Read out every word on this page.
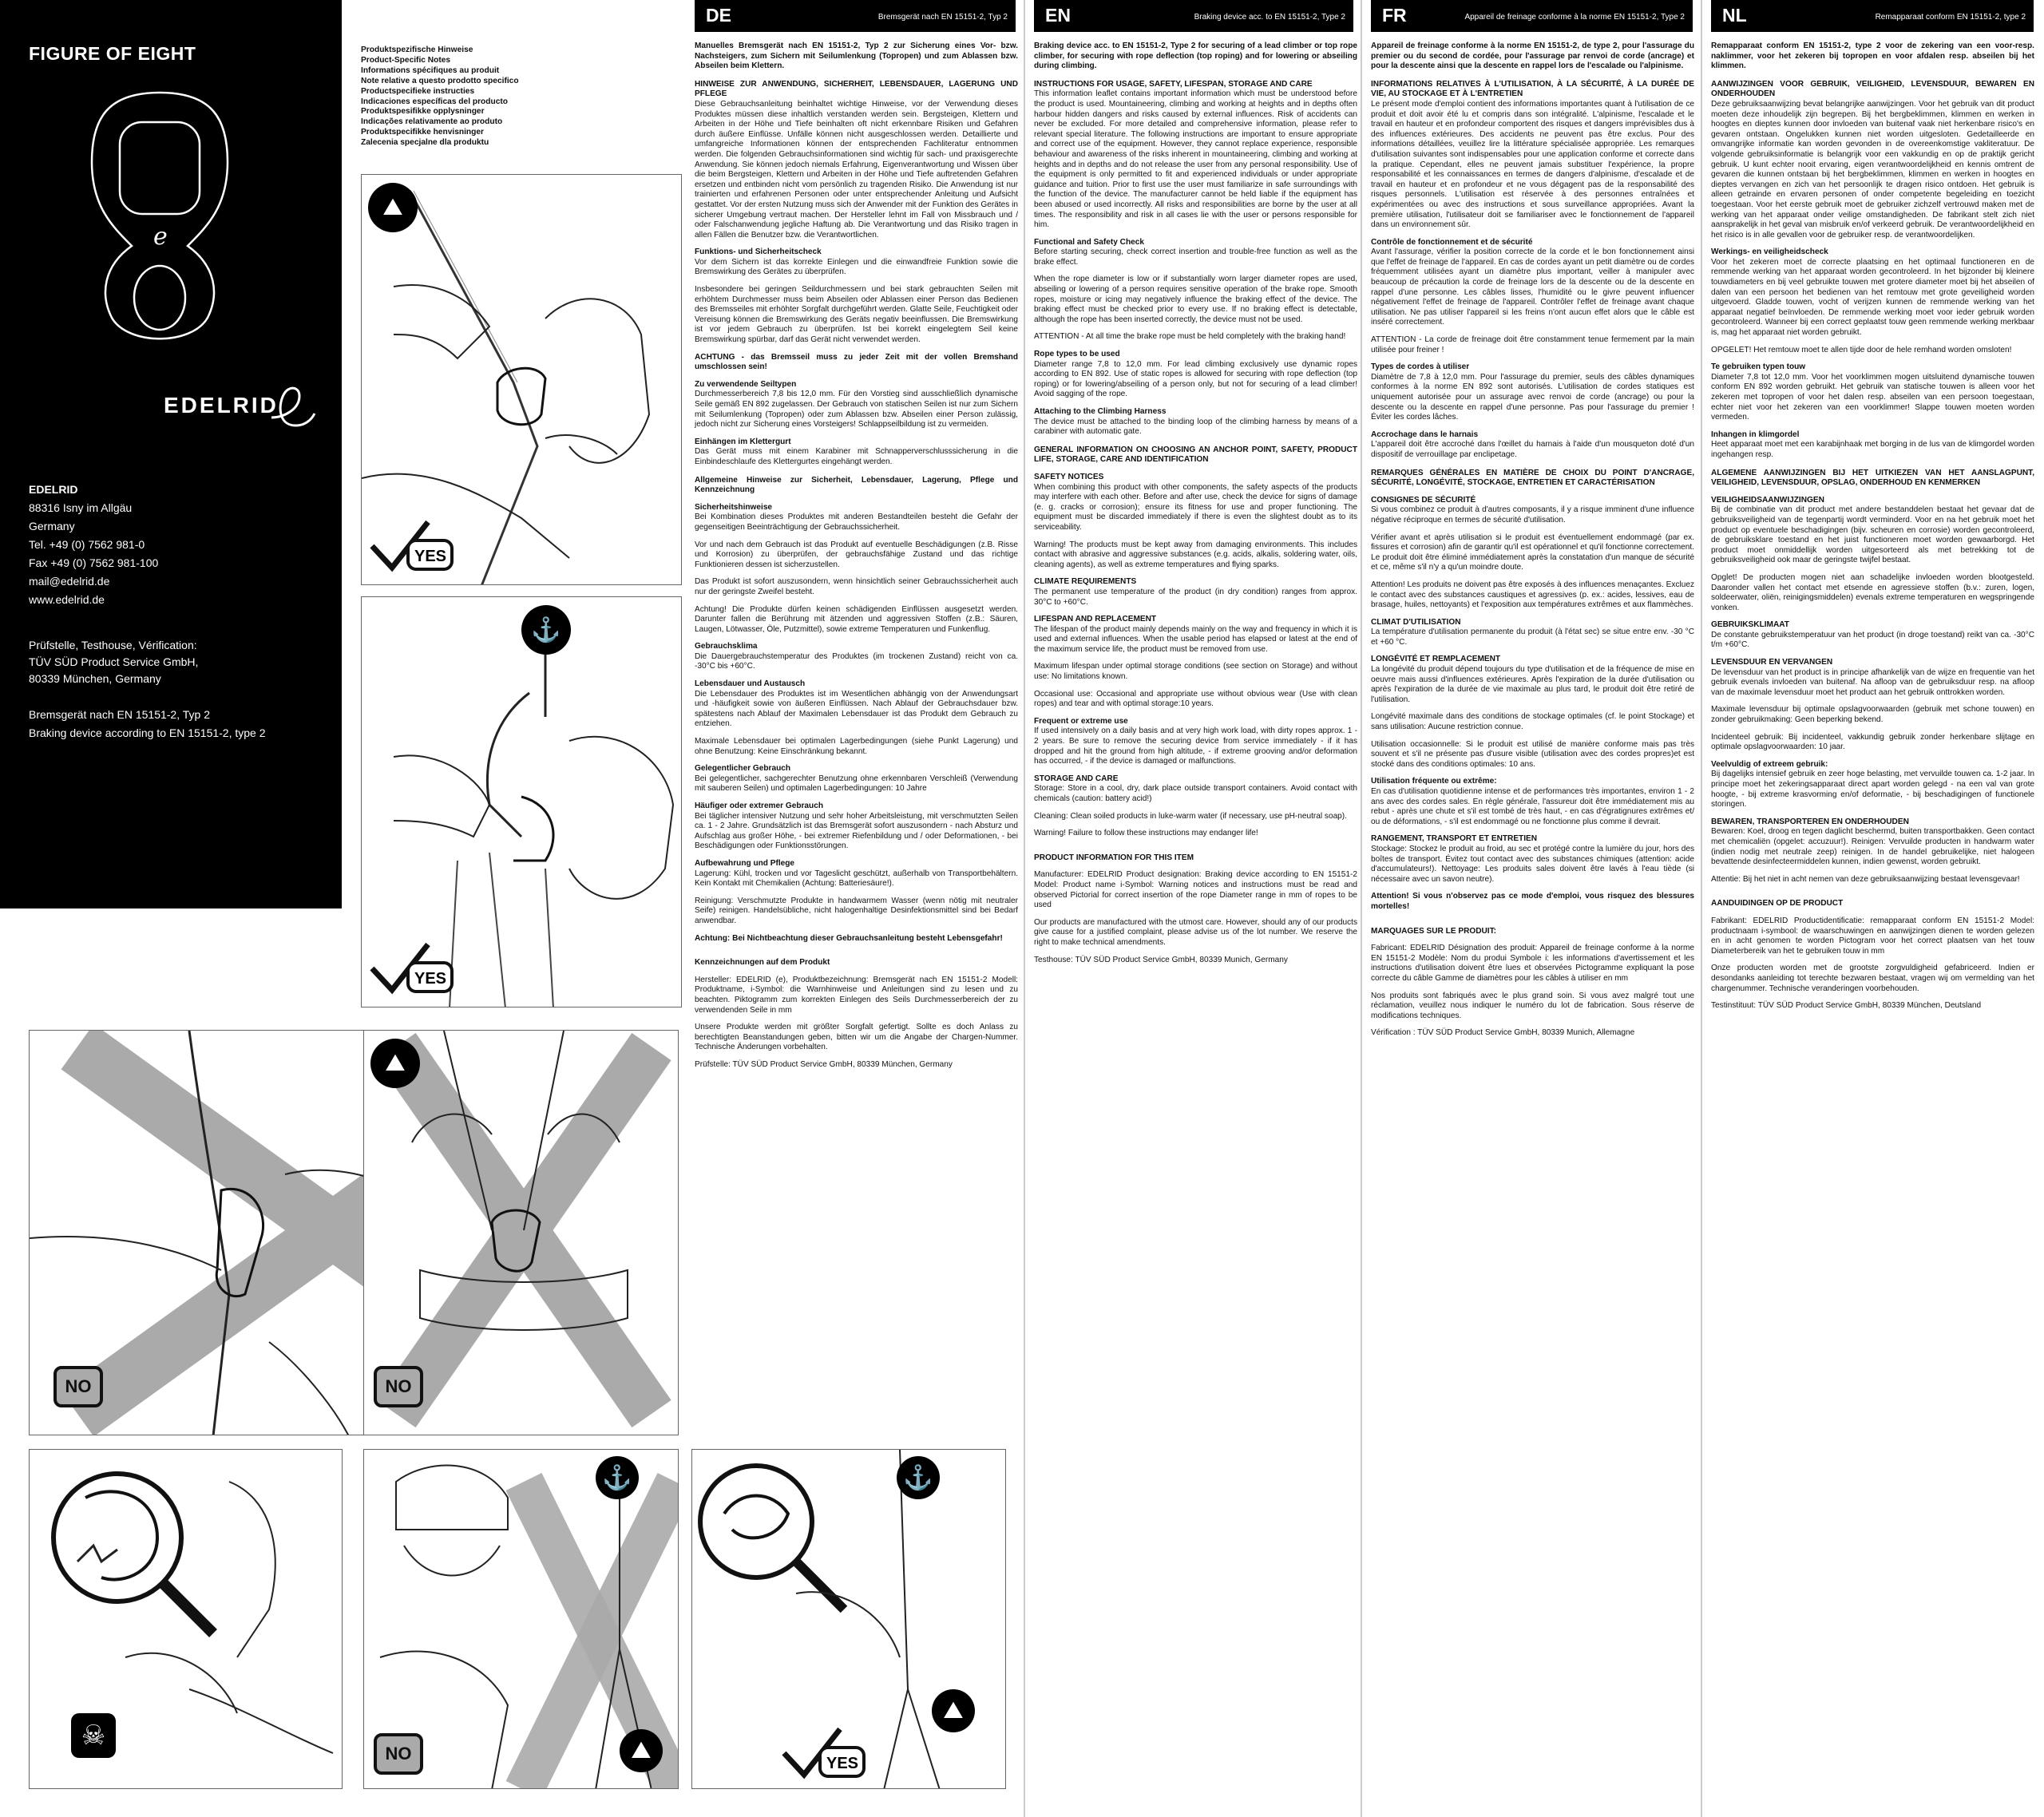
FIGURE OF EIGHT
e
EDELRID
EDELRID
88316 Isny im Allgäu
Germany
Tel. +49 (0) 7562 981-0
Fax +49 (0) 7562 981-100
mail@edelrid.de
www.edelrid.de
Prüfstelle, Testhouse, Vérification:
TÜV SÜD Product Service GmbH,
80339 München, Germany
Bremsgerät nach EN 15151-2, Typ 2
Braking device according to EN 15151-2, type 2
Produktspezifische Hinweise
Product-Specific Notes
Informations spécifiques au produit
Note relative a questo prodotto specifico
Productspecifieke instructies
Indicaciones específicas del producto
Produktspesifikke opplysninger
Indicações relativamente ao produto
Produktspecifikke henvisninger
Zalecenia specjalne dla produktu
⛰
YES
⚓
YES
NO
⛰
NO
☠
⚓
⛰
NO
⚓
⛰
YES
DE	Bremsgerät nach EN 15151-2, Typ 2

Manuelles Bremsgerät nach EN 15151-2, Typ 2 zur Sicherung eines Vor- bzw. Nachsteigers, zum Sichern mit Seilumlenkung (Topropen) und zum Ablassen bzw. Abseilen beim Klettern.

HINWEISE ZUR ANWENDUNG, SICHERHEIT, LEBENSDAUER, LAGERUNG UND PFLEGE

Diese Gebrauchsanleitung beinhaltet wichtige Hinweise, vor der Verwendung dieses Produktes müssen diese inhaltlich verstanden werden sein. Bergsteigen, Klettern und Arbeiten in der Höhe und Tiefe beinhalten oft nicht erkennbare Risiken und Gefahren durch äußere Einflüsse. Unfälle können nicht ausgeschlossen werden. Detaillierte und umfangreiche Informationen können der entsprechenden Fachliteratur entnommen werden. Die folgenden Gebrauchsinformationen sind wichtig für sach- und praxisgerechte Anwendung. Sie können jedoch niemals Erfahrung, Eigenverantwortung und Wissen über die beim Bergsteigen, Klettern und Arbeiten in der Höhe und Tiefe auftretenden Gefahren ersetzen und entbinden nicht vom persönlich zu tragenden Risiko. Die Anwendung ist nur trainierten und erfahrenen Personen oder unter entsprechender Anleitung und Aufsicht gestattet. Vor der ersten Nutzung muss sich der Anwender mit der Funktion des Gerätes in sicherer Umgebung vertraut machen. Der Hersteller lehnt im Fall von Missbrauch und / oder Falschanwendung jegliche Haftung ab. Die Verantwortung und das Risiko tragen in allen Fällen die Benutzer bzw. die Verantwortlichen.

Funktions- und Sicherheitscheck

Vor dem Sichern ist das korrekte Einlegen und die einwandfreie Funktion sowie die Bremswirkung des Gerätes zu überprüfen.

Insbesondere bei geringen Seildurchmessern und bei stark gebrauchten Seilen mit erhöhtem Durchmesser muss beim Abseilen oder Ablassen einer Person das Bedienen des Bremsseiles mit erhöhter Sorgfalt durchgeführt werden. Glatte Seile, Feuchtigkeit oder Vereisung können die Bremswirkung des Geräts negativ beeinflussen. Die Bremswirkung ist vor jedem Gebrauch zu überprüfen. Ist bei korrekt eingelegtem Seil keine Bremswirkung spürbar, darf das Gerät nicht verwendet werden.

ACHTUNG - das Bremsseil muss zu jeder Zeit mit der vollen Bremshand umschlossen sein!

Zu verwendende Seiltypen

Durchmesserbereich 7,8 bis 12,0 mm. Für den Vorstieg sind ausschließlich dynamische Seile gemäß EN 892 zugelassen. Der Gebrauch von statischen Seilen ist nur zum Sichern mit Seilumlenkung (Topropen) oder zum Ablassen bzw. Abseilen einer Person zulässig, jedoch nicht zur Sicherung eines Vorsteigers! Schlappseilbildung ist zu vermeiden.

Einhängen im Klettergurt

Das Gerät muss mit einem Karabiner mit Schnapperverschlusssicherung in die Einbindeschlaufe des Klettergurtes eingehängt werden.

Allgemeine Hinweise zur Sicherheit, Lebensdauer, Lagerung, Pflege und Kennzeichnung

Sicherheitshinweise

Bei Kombination dieses Produktes mit anderen Bestandteilen besteht die Gefahr der gegenseitigen Beeinträchtigung der Gebrauchssicherheit.

Vor und nach dem Gebrauch ist das Produkt auf eventuelle Beschädigungen (z.B. Risse und Korrosion) zu überprüfen, der gebrauchsfähige Zustand und das richtige Funktionieren dessen ist sicherzustellen.

Das Produkt ist sofort auszusondern, wenn hinsichtlich seiner Gebrauchssicherheit auch nur der geringste Zweifel besteht.

Achtung! Die Produkte dürfen keinen schädigenden Einflüssen ausgesetzt werden. Darunter fallen die Berührung mit ätzenden und aggressiven Stoffen (z.B.: Säuren, Laugen, Lötwasser, Öle, Putzmittel), sowie extreme Temperaturen und Funkenflug.

Gebrauchsklima

Die Dauergebrauchstemperatur des Produktes (im trockenen Zustand) reicht von ca. -30°C bis +60°C.

Lebensdauer und Austausch

Die Lebensdauer des Produktes ist im Wesentlichen abhängig von der Anwendungsart und -häufigkeit sowie von äußeren Einflüssen. Nach Ablauf der Gebrauchsdauer bzw. spätestens nach Ablauf der Maximalen Lebensdauer ist das Produkt dem Gebrauch zu entziehen.

Maximale Lebensdauer bei optimalen Lagerbedingungen (siehe Punkt Lagerung) und ohne Benutzung: Keine Einschränkung bekannt.

Gelegentlicher Gebrauch

Bei gelegentlicher, sachgerechter Benutzung ohne erkennbaren Verschleiß (Verwendung mit sauberen Seilen) und optimalen Lagerbedingungen: 10 Jahre

Häufiger oder extremer Gebrauch

Bei täglicher intensiver Nutzung und sehr hoher Arbeitsleistung, mit verschmutzten Seilen ca. 1 - 2 Jahre. Grundsätzlich ist das Bremsgerät sofort auszusondern - nach Absturz und Aufschlag aus großer Höhe, - bei extremer Riefenbildung und / oder Deformationen, - bei Beschädigungen oder Funktionsstörungen.

Aufbewahrung und Pflege

Lagerung: Kühl, trocken und vor Tageslicht geschützt, außerhalb von Transportbehältern. Kein Kontakt mit Chemikalien (Achtung: Batteriesäure!).

Reinigung: Verschmutzte Produkte in handwarmem Wasser (wenn nötig mit neutraler Seife) reinigen. Handelsübliche, nicht halogenhaltige Desinfektionsmittel sind bei Bedarf anwendbar.

Achtung: Bei Nichtbeachtung dieser Gebrauchsanleitung besteht Lebensgefahr!

Kennzeichnungen auf dem Produkt

Hersteller: EDELRID (e), Produktbezeichnung: Bremsgerät nach EN 15151-2 Modell: Produktname, i-Symbol: die Warnhinweise und Anleitungen sind zu lesen und zu beachten. Piktogramm zum korrekten Einlegen des Seils Durchmesserbereich der zu verwendenden Seile in mm

Unsere Produkte werden mit größter Sorgfalt gefertigt. Sollte es doch Anlass zu berechtigten Beanstandungen geben, bitten wir um die Angabe der Chargen-Nummer. Technische Änderungen vorbehalten.

Prüfstelle: TÜV SÜD Product Service GmbH, 80339 München, Germany

EN	Braking device acc. to EN 15151-2, Type 2

Braking device acc. to EN 15151-2, Type 2 for securing of a lead climber or top rope climber, for securing with rope deflection (top roping) and for lowering or abseiling during climbing.

INSTRUCTIONS FOR USAGE, SAFETY, LIFESPAN, STORAGE AND CARE

This information leaflet contains important information which must be understood before the product is used. Mountaineering, climbing and working at heights and in depths often harbour hidden dangers and risks caused by external influences. Risk of accidents can never be excluded. For more detailed and comprehensive information, please refer to relevant special literature. The following instructions are important to ensure appropriate and correct use of the equipment. However, they cannot replace experience, responsible behaviour and awareness of the risks inherent in mountaineering, climbing and working at heights and in depths and do not release the user from any personal responsibility. Use of the equipment is only permitted to fit and experienced individuals or under appropriate guidance and tuition. Prior to first use the user must familiarize in safe surroundings with the function of the device. The manufacturer cannot be held liable if the equipment has been abused or used incorrectly. All risks and responsibilities are borne by the user at all times. The responsibility and risk in all cases lie with the user or persons responsible for him.

Functional and Safety Check

Before starting securing, check correct insertion and trouble-free function as well as the brake effect.

When the rope diameter is low or if substantially worn larger diameter ropes are used, abseiling or lowering of a person requires sensitive operation of the brake rope. Smooth ropes, moisture or icing may negatively influence the braking effect of the device. The braking effect must be checked prior to every use. If no braking effect is detectable, although the rope has been inserted correctly, the device must not be used.

ATTENTION - At all time the brake rope must be held completely with the braking hand!

Rope types to be used

Diameter range 7,8 to 12,0 mm. For lead climbing exclusively use dynamic ropes according to EN 892. Use of static ropes is allowed for securing with rope deflection (top roping) or for lowering/abseiling of a person only, but not for securing of a lead climber! Avoid sagging of the rope.

Attaching to the Climbing Harness

The device must be attached to the binding loop of the climbing harness by means of a carabiner with automatic gate.

GENERAL INFORMATION ON CHOOSING AN ANCHOR POINT, SAFETY, PRODUCT LIFE, STORAGE, CARE AND IDENTIFICATION

SAFETY NOTICES

When combining this product with other components, the safety aspects of the products may interfere with each other. Before and after use, check the device for signs of damage (e. g. cracks or corrosion); ensure its fitness for use and proper functioning. The equipment must be discarded immediately if there is even the slightest doubt as to its serviceability.

Warning! The products must be kept away from damaging environments. This includes contact with abrasive and aggressive substances (e.g. acids, alkalis, soldering water, oils, cleaning agents), as well as extreme temperatures and flying sparks.

CLIMATE REQUIREMENTS

The permanent use temperature of the product (in dry condition) ranges from approx. 30°C to +60°C.

LIFESPAN AND REPLACEMENT

The lifespan of the product mainly depends mainly on the way and frequency in which it is used and external influences. When the usable period has elapsed or latest at the end of the maximum service life, the product must be removed from use.

Maximum lifespan under optimal storage conditions (see section on Storage) and without use: No limitations known.

Occasional use: Occasional and appropriate use without obvious wear (Use with clean ropes) and tear and with optimal storage:10 years.

Frequent or extreme use

If used intensively on a daily basis and at very high work load, with dirty ropes approx. 1 - 2 years. Be sure to remove the securing device from service immediately - if it has dropped and hit the ground from high altitude, - if extreme grooving and/or deformation has occurred, - if the device is damaged or malfunctions.

STORAGE AND CARE

Storage: Store in a cool, dry, dark place outside transport containers. Avoid contact with chemicals (caution: battery acid!)

Cleaning: Clean soiled products in luke-warm water (if necessary, use pH-neutral soap).

Warning! Failure to follow these instructions may endanger life!

PRODUCT INFORMATION FOR THIS ITEM

Manufacturer: EDELRID Product designation: Braking device according to EN 15151-2 Model: Product name i-Symbol: Warning notices and instructions must be read and observed Pictorial for correct insertion of the rope Diameter range in mm of ropes to be used

Our products are manufactured with the utmost care. However, should any of our products give cause for a justified complaint, please advise us of the lot number. We reserve the right to make technical amendments.

Testhouse: TÜV SÜD Product Service GmbH, 80339 Munich, Germany

FR	Appareil de freinage conforme à la norme EN 15151-2, Type 2

Appareil de freinage conforme à la norme EN 15151-2, de type 2, pour l'assurage du premier ou du second de cordée, pour l'assurage par renvoi de corde (ancrage) et pour la descente ainsi que la descente en rappel lors de l'escalade ou l'alpinisme.

INFORMATIONS RELATIVES À L'UTILISATION, À LA SÉCURITÉ, À LA DURÉE DE VIE, AU STOCKAGE ET À L'ENTRETIEN

Le présent mode d'emploi contient des informations importantes quant à l'utilisation de ce produit et doit avoir été lu et compris dans son intégralité. L'alpinisme, l'escalade et le travail en hauteur et en profondeur comportent des risques et dangers imprévisibles dus à des influences extérieures. Des accidents ne peuvent pas être exclus. Pour des informations détaillées, veuillez lire la littérature spécialisée appropriée. Les remarques d'utilisation suivantes sont indispensables pour une application conforme et correcte dans la pratique. Cependant, elles ne peuvent jamais substituer l'expérience, la propre responsabilité et les connaissances en termes de dangers d'alpinisme, d'escalade et de travail en hauteur et en profondeur et ne vous dégagent pas de la responsabilité des risques personnels. L'utilisation est réservée à des personnes entraînées et expérimentées ou avec des instructions et sous surveillance appropriées. Avant la première utilisation, l'utilisateur doit se familiariser avec le fonctionnement de l'appareil dans un environnement sûr.

Contrôle de fonctionnement et de sécurité

Avant l'assurage, vérifier la position correcte de la corde et le bon fonctionnement ainsi que l'effet de freinage de l'appareil. En cas de cordes ayant un petit diamètre ou de cordes fréquemment utilisées ayant un diamètre plus important, veiller à manipuler avec beaucoup de précaution la corde de freinage lors de la descente ou de la descente en rappel d'une personne. Les câbles lisses, l'humidité ou le givre peuvent influencer négativement l'effet de freinage de l'appareil. Contrôler l'effet de freinage avant chaque utilisation. Ne pas utiliser l'appareil si les freins n'ont aucun effet alors que le câble est inséré correctement.

ATTENTION - La corde de freinage doit être constamment tenue fermement par la main utilisée pour freiner !

Types de cordes à utiliser

Diamètre de 7,8 à 12,0 mm. Pour l'assurage du premier, seuls des câbles dynamiques conformes à la norme EN 892 sont autorisés. L'utilisation de cordes statiques est uniquement autorisée pour un assurage avec renvoi de corde (ancrage) ou pour la descente ou la descente en rappel d'une personne. Pas pour l'assurage du premier ! Éviter les cordes lâches.

Accrochage dans le harnais

L'appareil doit être accroché dans l'œillet du harnais à l'aide d'un mousqueton doté d'un dispositif de verrouillage par enclipetage.

REMARQUES GÉNÉRALES EN MATIÈRE DE CHOIX DU POINT D'ANCRAGE, SÉCURITÉ, LONGÉVITÉ, STOCKAGE, ENTRETIEN ET CARACTÉRISATION

CONSIGNES DE SÉCURITÉ

Si vous combinez ce produit à d'autres composants, il y a risque imminent d'une influence négative réciproque en termes de sécurité d'utilisation.

Vérifier avant et après utilisation si le produit est éventuellement endommagé (par ex. fissures et corrosion) afin de garantir qu'il est opérationnel et qu'il fonctionne correctement. Le produit doit être éliminé immédiatement après la constatation d'un manque de sécurité et ce, même s'il n'y a qu'un moindre doute.

Attention! Les produits ne doivent pas être exposés à des influences menaçantes. Excluez le contact avec des substances caustiques et agressives (p. ex.: acides, lessives, eau de brasage, huiles, nettoyants) et l'exposition aux températures extrêmes et aux flammèches.

CLIMAT D'UTILISATION

La température d'utilisation permanente du produit (à l'état sec) se situe entre env. -30 °C et +60 °C.

LONGÉVITÉ ET REMPLACEMENT

La longévité du produit dépend toujours du type d'utilisation et de la fréquence de mise en oeuvre mais aussi d'influences extérieures. Après l'expiration de la durée d'utilisation ou après l'expiration de la durée de vie maximale au plus tard, le produit doit être retiré de l'utilisation.

Longévité maximale dans des conditions de stockage optimales (cf. le point Stockage) et sans utilisation: Aucune restriction connue.

Utilisation occasionnelle: Si le produit est utilisé de manière conforme mais pas très souvent et s'il ne présente pas d'usure visible (utilisation avec des cordes propres)et est stocké dans des conditions optimales: 10 ans.

Utilisation fréquente ou extrême:

En cas d'utilisation quotidienne intense et de performances très importantes, environ 1 - 2 ans avec des cordes sales. En règle générale, l'assureur doit être immédiatement mis au rebut - après une chute et s'il est tombé de très haut, - en cas d'égratignures extrêmes et/ ou de déformations, - s'il est endommagé ou ne fonctionne plus comme il devrait.

RANGEMENT, TRANSPORT ET ENTRETIEN

Stockage: Stockez le produit au froid, au sec et protégé contre la lumière du jour, hors des boîtes de transport. Évitez tout contact avec des substances chimiques (attention: acide d'accumulateurs!). Nettoyage: Les produits sales doivent être lavés à l'eau tiède (si nécessaire avec un savon neutre).

Attention! Si vous n'observez pas ce mode d'emploi, vous risquez des blessures mortelles!

MARQUAGES SUR LE PRODUIT:

Fabricant: EDELRID Désignation des produit: Appareil de freinage conforme à la norme EN 15151-2 Modèle: Nom du produi Symbole i: les informations d'avertissement et les instructions d'utilisation doivent être lues et observées Pictogramme expliquant la pose correcte du câble Gamme de diamètres pour les câbles à utiliser en mm

Nos produits sont fabriqués avec le plus grand soin. Si vous avez malgré tout une réclamation, veuillez nous indiquer le numéro du lot de fabrication. Sous réserve de modifications techniques.

Vérification : TÜV SÜD Product Service GmbH, 80339 Munich, Allemagne

NL	Remapparaat conform EN 15151-2, type 2

Remapparaat conform EN 15151-2, type 2 voor de zekering van een voor-resp. naklimmer, voor het zekeren bij topropen en voor afdalen resp. abseilen bij het klimmen.

AANWIJZINGEN VOOR GEBRUIK, VEILIGHEID, LEVENSDUUR, BEWAREN EN ONDERHOUDEN

Deze gebruiksaanwijzing bevat belangrijke aanwijzingen. Voor het gebruik van dit product moeten deze inhoudelijk zijn begrepen. Bij het bergbeklimmen, klimmen en werken in hoogtes en dieptes kunnen door invloeden van buitenaf vaak niet herkenbare risico's en gevaren ontstaan. Ongelukken kunnen niet worden uitgesloten. Gedetailleerde en omvangrijke informatie kan worden gevonden in de overeenkomstige vakliteratuur. De volgende gebruiksinformatie is belangrijk voor een vakkundig en op de praktijk gericht gebruik. U kunt echter nooit ervaring, eigen verantwoordelijkheid en kennis omtrent de gevaren die kunnen ontstaan bij het bergbeklimmen, klimmen en werken in hoogtes en dieptes vervangen en zich van het persoonlijk te dragen risico ontdoen. Het gebruik is alleen getrainde en ervaren personen of onder competente begeleiding en toezicht toegestaan. Voor het eerste gebruik moet de gebruiker zichzelf vertrouwd maken met de werking van het apparaat onder veilige omstandigheden. De fabrikant stelt zich niet aansprakelijk in het geval van misbruik en/of verkeerd gebruik. De verantwoordelijkheid en het risico is in alle gevallen voor de gebruiker resp. de verantwoordelijken.

Werkings- en veiligheidscheck

Voor het zekeren moet de correcte plaatsing en het optimaal functioneren en de remmende werking van het apparaat worden gecontroleerd. In het bijzonder bij kleinere touwdiameters en bij veel gebruikte touwen met grotere diameter moet bij het abseilen of dalen van een persoon het bedienen van het remtouw met grote geveiligheid worden uitgevoerd. Gladde touwen, vocht of verijzen kunnen de remmende werking van het apparaat negatief beïnvloeden. De remmende werking moet voor ieder gebruik worden gecontroleerd. Wanneer bij een correct geplaatst touw geen remmende werking merkbaar is, mag het apparaat niet worden gebruikt.

OPGELET! Het remtouw moet te allen tijde door de hele remhand worden omsloten!

Te gebruiken typen touw

Diameter 7,8 tot 12,0 mm. Voor het voorklimmen mogen uitsluitend dynamische touwen conform EN 892 worden gebruikt. Het gebruik van statische touwen is alleen voor het zekeren met topropen of voor het dalen resp. abseilen van een persoon toegestaan, echter niet voor het zekeren van een voorklimmer! Slappe touwen moeten worden vermeden.

Inhangen in klimgordel

Heet apparaat moet met een karabijnhaak met borging in de lus van de klimgordel worden ingehangen resp.

ALGEMENE AANWIJZINGEN BIJ HET UITKIEZEN VAN HET AANSLAGPUNT, VEILIGHEID, LEVENSDUUR, OPSLAG, ONDERHOUD EN KENMERKEN

VEILIGHEIDSAANWIJZINGEN

Bij de combinatie van dit product met andere bestanddelen bestaat het gevaar dat de gebruiksveiligheid van de tegenpartij wordt verminderd. Voor en na het gebruik moet het product op eventuele beschadigingen (bijv. scheuren en corrosie) worden gecontroleerd, de gebruiksklare toestand en het juist functioneren moet worden gewaarborgd. Het product moet onmiddellijk worden uitgesorteerd als met betrekking tot de gebruiksveiligheid ook maar de geringste twijfel bestaat.

Opglet! De producten mogen niet aan schadelijke invloeden worden blootgesteld. Daaronder vallen het contact met etsende en agressieve stoffen (b.v.: zuren, logen, soldeerwater, oliën, reinigingsmiddelen) evenals extreme temperaturen en wegspringende vonken.

GEBRUIKSKLIMAAT

De constante gebruikstemperatuur van het product (in droge toestand) reikt van ca. -30°C t/m +60°C.

LEVENSDUUR EN VERVANGEN

De levensduur van het product is in principe afhankelijk van de wijze en frequentie van het gebruik evenals invloeden van buitenaf. Na afloop van de gebruiksduur resp. na afloop van de maximale levensduur moet het product aan het gebruik onttrokken worden.

Maximale levensduur bij optimale opslagvoorwaarden (gebruik met schone touwen) en zonder gebruikmaking: Geen beperking bekend.

Incidenteel gebruik: Bij incidenteel, vakkundig gebruik zonder herkenbare slijtage en optimale opslagvoorwaarden: 10 jaar.

Veelvuldig of extreem gebruik:

Bij dagelijks intensief gebruik en zeer hoge belasting, met vervuilde touwen ca. 1-2 jaar. In principe moet het zekeringsapparaat direct apart worden gelegd - na een val van grote hoogte, - bij extreme krasvorming en/of deformatie, - bij beschadigingen of functionele storingen.

BEWAREN, TRANSPORTEREN EN ONDERHOUDEN

Bewaren: Koel, droog en tegen daglicht beschermd, buiten transportbakken. Geen contact met chemicaliën (opgelet: accuzuur!). Reinigen: Vervuilde producten in handwarm water (indien nodig met neutrale zeep) reinigen. In de handel gebruikelijke, niet halogeen bevattende desinfecteermiddelen kunnen, indien gewenst, worden gebruikt.

Attentie: Bij het niet in acht nemen van deze gebruiksaanwijzing bestaat levensgevaar!

AANDUIDINGEN OP DE PRODUCT

Fabrikant: EDELRID Productidentificatie: remapparaat conform EN 15151-2 Model: productnaam i-symbool: de waarschuwingen en aanwijzingen dienen te worden gelezen en in acht genomen te worden Pictogram voor het correct plaatsen van het touw Diameterbereik van het te gebruiken touw in mm

Onze producten worden met de grootste zorgvuldigheid gefabriceerd. Indien er desondanks aanleiding tot terechte bezwaren bestaat, vragen wij om vermelding van het chargenummer. Technische veranderingen voorbehouden.

Testinstituut: TÜV SÜD Product Service GmbH, 80339 München, Deutsland
